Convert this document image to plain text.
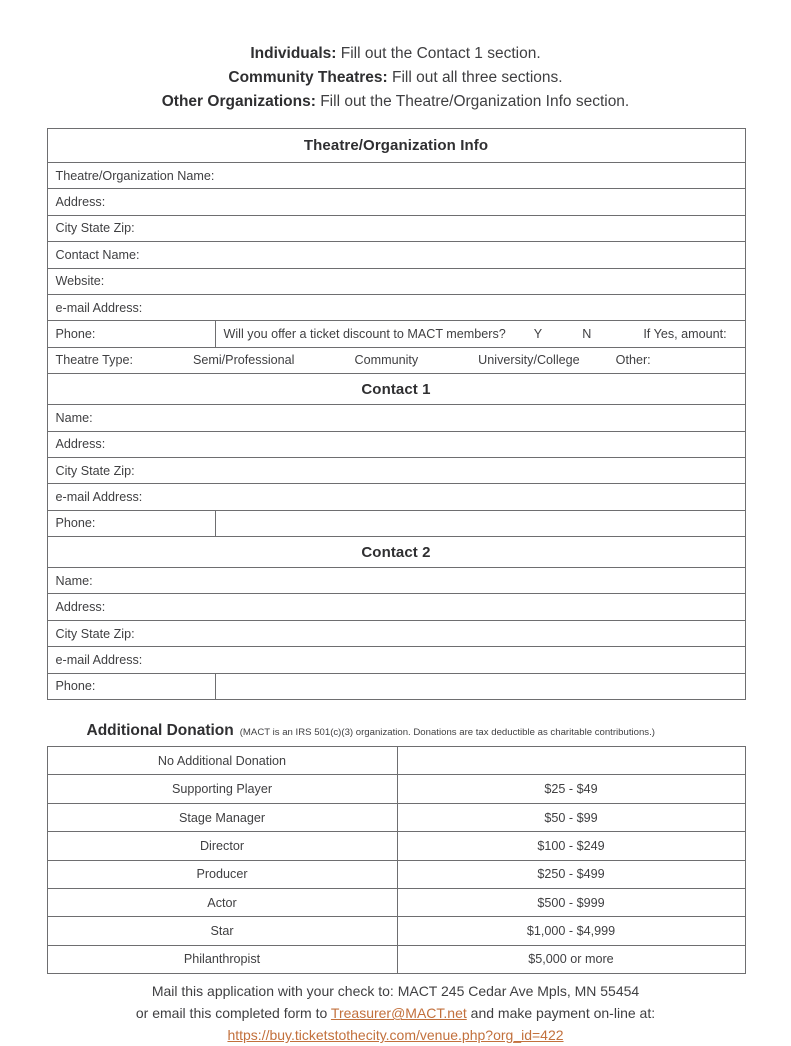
Individuals: Fill out the Contact 1 section.
Community Theatres: Fill out all three sections.
Other Organizations: Fill out the Theatre/Organization Info section.
Theatre/Organization Info	
Theatre/Organization Name:	
Address:	
City State Zip:	
Contact Name:	
Website:	
e-mail Address:	
Phone:	Will you offer a ticket discount to MACT members? Y N If Yes, amount:

Theatre Type: Semi/Professional Community University/College Other:	

Contact 1	
Name:	
Address:	
City State Zip:	
e-mail Address:	
Phone:	
Contact 2	
Name:	
Address:	
City State Zip:	
e-mail Address:	
Phone:	
Additional Donation (MACT is an IRS 501(c)(3) organization. Donations are tax deductible as charitable contributions.)
No Additional Donation	
Supporting Player	$25 - $49
Stage Manager	$50 - $99
Director	$100 - $249
Producer	$250 - $499
Actor	$500 - $999
Star	$1,000 - $4,999
Philanthropist	$5,000 or more
Mail this application with your check to: MACT 245 Cedar Ave Mpls, MN 55454
or email this completed form to Treasurer@MACT.net and make payment on-line at:
https://buy.ticketstothecity.com/venue.php?org_id=422
